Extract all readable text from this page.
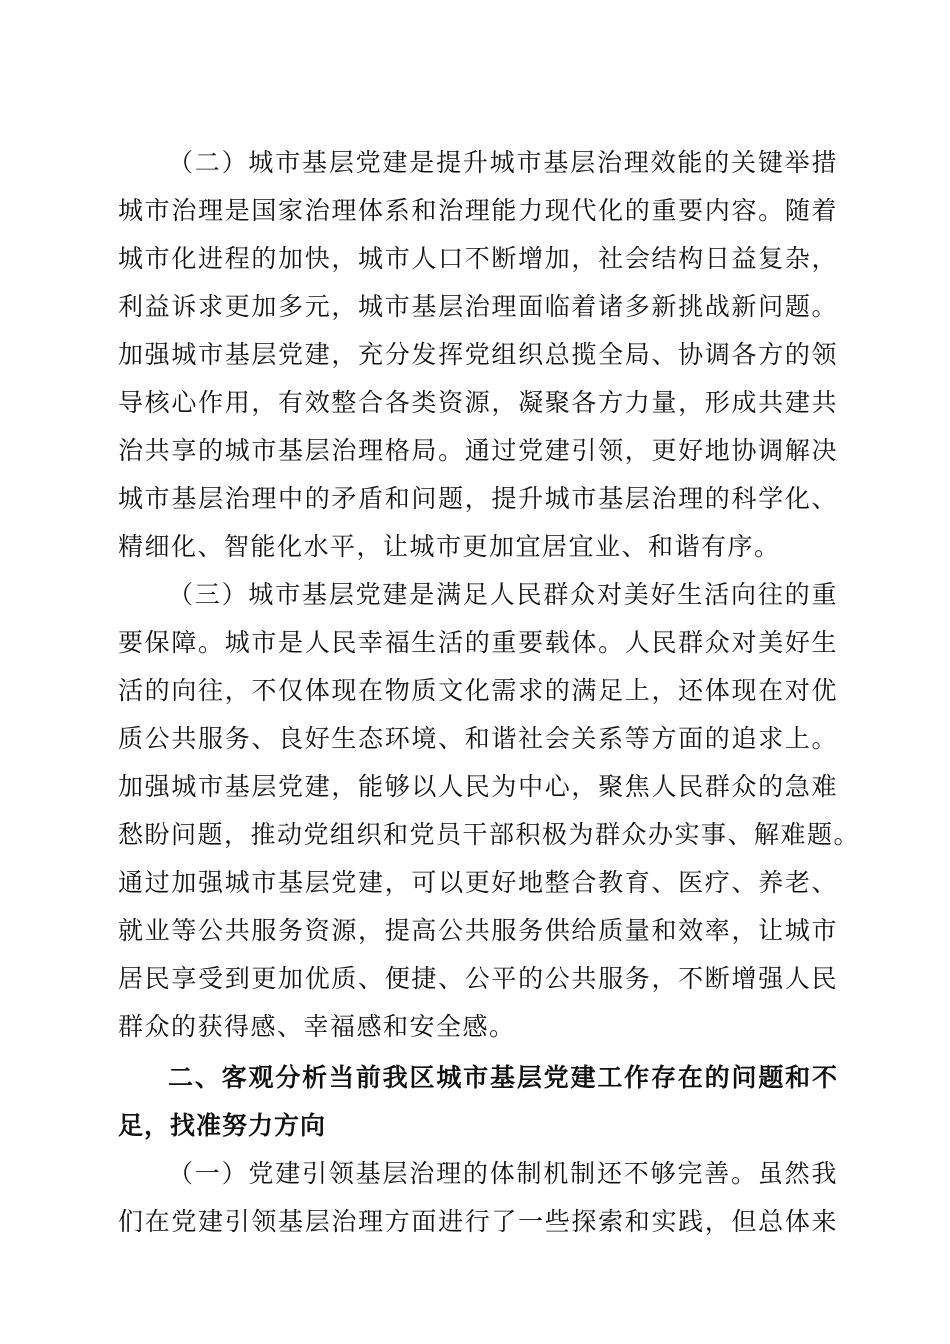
（二）城市基层党建是提升城市基层治理效能的关键举措
城市治理是国家治理体系和治理能力现代化的重要内容。随着
城市化进程的加快，城市人口不断增加，社会结构日益复杂，
利益诉求更加多元，城市基层治理面临着诸多新挑战新问题。
加强城市基层党建，充分发挥党组织总揽全局、协调各方的领
导核心作用，有效整合各类资源，凝聚各方力量，形成共建共
治共享的城市基层治理格局。通过党建引领，更好地协调解决
城市基层治理中的矛盾和问题，提升城市基层治理的科学化、
精细化、智能化水平，让城市更加宜居宜业、和谐有序。
（三）城市基层党建是满足人民群众对美好生活向往的重
要保障。城市是人民幸福生活的重要载体。人民群众对美好生
活的向往，不仅体现在物质文化需求的满足上，还体现在对优
质公共服务、良好生态环境、和谐社会关系等方面的追求上。
加强城市基层党建，能够以人民为中心，聚焦人民群众的急难
愁盼问题，推动党组织和党员干部积极为群众办实事、解难题。
通过加强城市基层党建，可以更好地整合教育、医疗、养老、
就业等公共服务资源，提高公共服务供给质量和效率，让城市
居民享受到更加优质、便捷、公平的公共服务，不断增强人民
群众的获得感、幸福感和安全感。
二、客观分析当前我区城市基层党建工作存在的问题和不
足，找准努力方向
（一）党建引领基层治理的体制机制还不够完善。虽然我
们在党建引领基层治理方面进行了一些探索和实践，但总体来
